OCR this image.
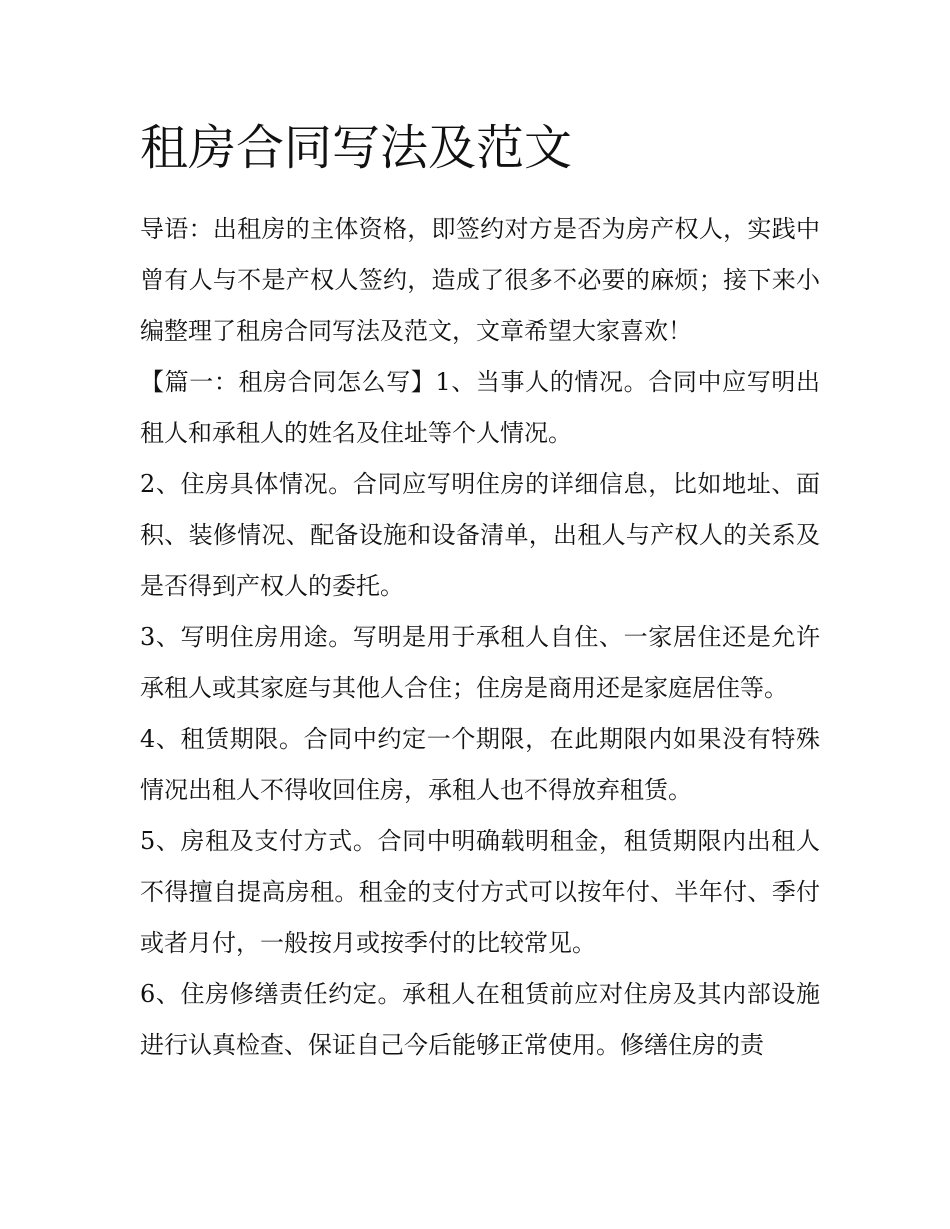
租房合同写法及范文

导语：出租房的主体资格，即签约对方是否为房产权人，实践中曾有人与不是产权人签约，造成了很多不必要的麻烦；接下来小编整理了租房合同写法及范文，文章希望大家喜欢！

【篇一：租房合同怎么写】1、当事人的情况。合同中应写明出租人和承租人的姓名及住址等个人情况。

2、住房具体情况。合同应写明住房的详细信息，比如地址、面积、装修情况、配备设施和设备清单，出租人与产权人的关系及是否得到产权人的委托。

3、写明住房用途。写明是用于承租人自住、一家居住还是允许承租人或其家庭与其他人合住；住房是商用还是家庭居住等。

4、租赁期限。合同中约定一个期限，在此期限内如果没有特殊情况出租人不得收回住房，承租人也不得放弃租赁。

5、房租及支付方式。合同中明确载明租金，租赁期限内出租人不得擅自提高房租。租金的支付方式可以按年付、半年付、季付或者月付，一般按月或按季付的比较常见。

6、住房修缮责任约定。承租人在租赁前应对住房及其内部设施进行认真检查、保证自己今后能够正常使用。修缮住房的责
